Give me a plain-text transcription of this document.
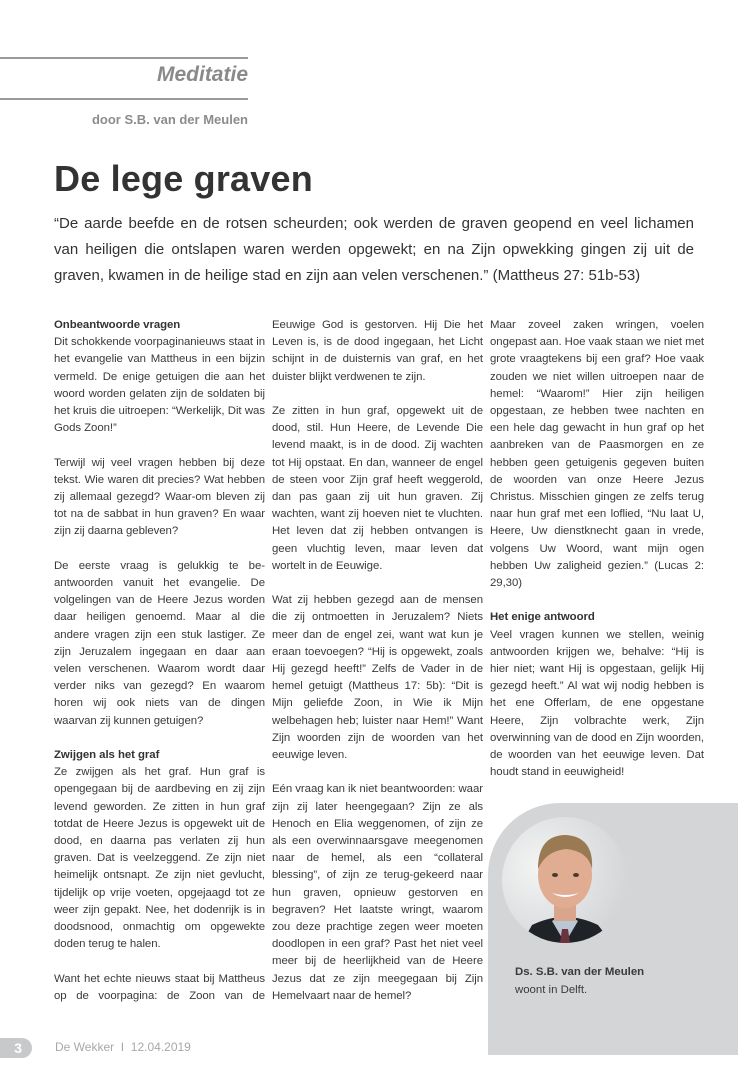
Meditatie
door S.B. van der Meulen
De lege graven

“De aarde beefde en de rotsen scheurden; ook werden de graven geopend en veel lichamen van heiligen die ontslapen waren werden opgewekt; en na Zijn opwekking gingen zij uit de graven, kwamen in de heilige stad en zijn aan velen verschenen.” (Mattheus 27: 51b-53)

Onbeantwoorde vragen

Dit schokkende voorpaginanieuws staat in het evangelie van Mattheus in een bijzin vermeld. De enige getuigen die aan het woord worden gelaten zijn de soldaten bij het kruis die uitroepen: “Werkelijk, Dit was Gods Zoon!”

Terwijl wij veel vragen hebben bij deze tekst. Wie waren dit precies? Wat hebben zij allemaal gezegd? Waar-om bleven zij tot na de sabbat in hun graven? En waar zijn zij daarna gebleven?

De eerste vraag is gelukkig te be-antwoorden vanuit het evangelie. De volgelingen van de Heere Jezus worden daar heiligen genoemd. Maar al die andere vragen zijn een stuk lastiger. Ze zijn Jeruzalem ingegaan en daar aan velen verschenen. Waarom wordt daar verder niks van gezegd? En waarom horen wij ook niets van de dingen waarvan zij kunnen getuigen?

Zwijgen als het graf

Ze zwijgen als het graf. Hun graf is opengegaan bij de aardbeving en zij zijn levend geworden. Ze zitten in hun graf totdat de Heere Jezus is opgewekt uit de dood, en daarna pas verlaten zij hun graven. Dat is veelzeggend. Ze zijn niet heimelijk ontsnapt. Ze zijn niet gevlucht, tijdelijk op vrije voeten, opgejaagd tot ze weer zijn gepakt. Nee, het dodenrijk is in doodsnood, onmachtig om opgewekte doden terug te halen.

Want het echte nieuws staat bij Mattheus op de voorpagina: de Zoon van de

Eeuwige God is gestorven. Hij Die het Leven is, is de dood ingegaan, het Licht schijnt in de duisternis van graf, en het duister blijkt verdwenen te zijn.

Ze zitten in hun graf, opgewekt uit de dood, stil. Hun Heere, de Levende Die levend maakt, is in de dood. Zij wachten tot Hij opstaat. En dan, wanneer de engel de steen voor Zijn graf heeft weggerold, dan pas gaan zij uit hun graven. Zij wachten, want zij hoeven niet te vluchten. Het leven dat zij hebben ontvangen is geen vluchtig leven, maar leven dat wortelt in de Eeuwige.

Wat zij hebben gezegd aan de mensen die zij ontmoetten in Jeruzalem? Niets meer dan de engel zei, want wat kun je eraan toevoegen? “Hij is opgewekt, zoals Hij gezegd heeft!” Zelfs de Vader in de hemel getuigt (Mattheus 17: 5b): “Dit is Mijn geliefde Zoon, in Wie ik Mijn welbehagen heb; luister naar Hem!” Want Zijn woorden zijn de woorden van het eeuwige leven.

Eén vraag kan ik niet beantwoorden: waar zijn zij later heengegaan? Zijn ze als Henoch en Elia weggenomen, of zijn ze als een overwinnaarsgave meegenomen naar de hemel, als een “collateral blessing”, of zijn ze terug-gekeerd naar hun graven, opnieuw gestorven en begraven? Het laatste wringt, waarom zou deze prachtige zegen weer moeten doodlopen in een graf? Past het niet veel meer bij de heerlijkheid van de Heere Jezus dat ze zijn meegegaan bij Zijn Hemelvaart naar de hemel?

Maar zoveel zaken wringen, voelen ongepast aan. Hoe vaak staan we niet met grote vraagtekens bij een graf? Hoe vaak zouden we niet willen uitroepen naar de hemel: “Waarom!” Hier zijn heiligen opgestaan, ze hebben twee nachten en een hele dag gewacht in hun graf op het aanbreken van de Paasmorgen en ze hebben geen getuigenis gegeven buiten de woorden van onze Heere Jezus Christus. Misschien gingen ze zelfs terug naar hun graf met een loflied, “Nu laat U, Heere, Uw dienstknecht gaan in vrede, volgens Uw Woord, want mijn ogen hebben Uw zaligheid gezien.” (Lucas 2: 29,30)

Het enige antwoord

Veel vragen kunnen we stellen, weinig antwoorden krijgen we, behalve: “Hij is hier niet; want Hij is opgestaan, gelijk Hij gezegd heeft.” Al wat wij nodig hebben is het ene Offerlam, de ene opgestane Heere, Zijn volbrachte werk, Zijn overwinning van de dood en Zijn woorden, de woorden van het eeuwige leven. Dat houdt stand in eeuwigheid!

Ds. S.B. van der Meulen
woont in Delft.
3	De Wekker  I  12.04.2019
